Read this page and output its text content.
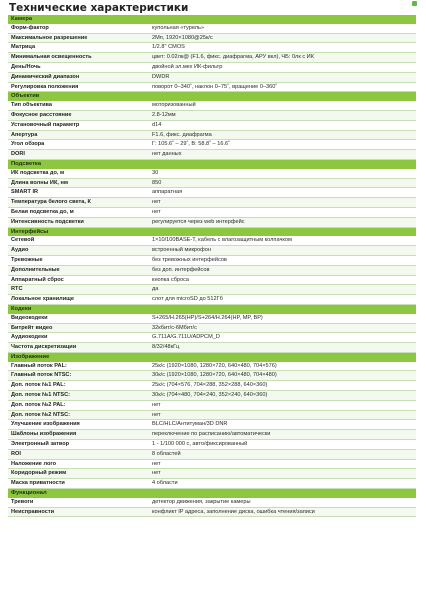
Технические характеристики
Камера	
Форм-фактор	купольная «турель»
Максимальное разрешение	2Мп, 1920×1080@25к/с
Матрица	1/2.8'' CMOS
Минимальная освещенность	цвет: 0.02лк@ (F1.6, фикс. диафрагма, АРУ вкл), ЧБ: 0лк с ИК
День/Ночь	двойной эл.мех ИК-фильтр
Динамический диапазон	DWDR
Регулировка положения	поворот 0–340˚, наклон 0–75˚, вращение 0–360˚
Объектив	
Тип объектива	моторизованный
Фокусное расстояние	2.8-12мм
Установочный параметр	d14
Апертура	F1.6, фикс. диафрагма
Угол обзора	Г: 105.6˚ – 29˚, В: 58.8˚ – 16.6˚
DORI	нет данных
Подсветка	
ИК подсветка до, м	30
Длина волны ИК, нм	850
SMART IR	аппаратная
Температура белого света, К	нет
Белая подсветка до, м	нет
Интенсивность подсветки	регулируется через web интерфейс
Интерфейсы	
Сетевой	1×10/100BASE-T, кабель с влагозащитным колпачком
Аудио	встроенный микрофон
Тревожные	без тревожных интерфейсов
Дополнительные	без доп. интерфейсов
Аппаратный сброс	кнопка сброса
RTC	да
Локальное хранилище	слот для microSD до 512Гб
Кодеки	
Видеокодеки	S+265/H.265(HP)/S+264/H.264(HP, MP, BP)
Битрейт видео	32кбит/с-6Мбит/с
Аудиокодеки	G.711A/G.711U/ADPCM_D
Частота дискретизации	8/32/48кГц
Изображение	
Главный поток PAL:	25к/с (1920×1080, 1280×720, 640×480, 704×576)
Главный поток NTSC:	30к/с (1920×1080, 1280×720, 640×480, 704×480)
Доп. поток №1 PAL:	25к/с (704×576, 704×288, 352×288, 640×360)
Доп. поток №1 NTSC:	30к/с (704×480, 704×240, 352×240, 640×360)
Доп. поток №2 PAL:	нет
Доп. поток №2 NTSC:	нет
Улучшение изображения	BLC/HLC/Антитуман/3D DNR
Шаблоны изображения	переключение по расписанию/автоматически
Электронный затвор	1 - 1/100 000 с, авто/фиксированный
ROI	8 областей
Наложение лого	нет
Коридорный режим	нет
Маска приватности	4 области
Функционал	
Тревоги	детектор движения, закрытие камеры
Неисправности	конфликт IP адреса, заполнение диска, ошибка чтения/записи
